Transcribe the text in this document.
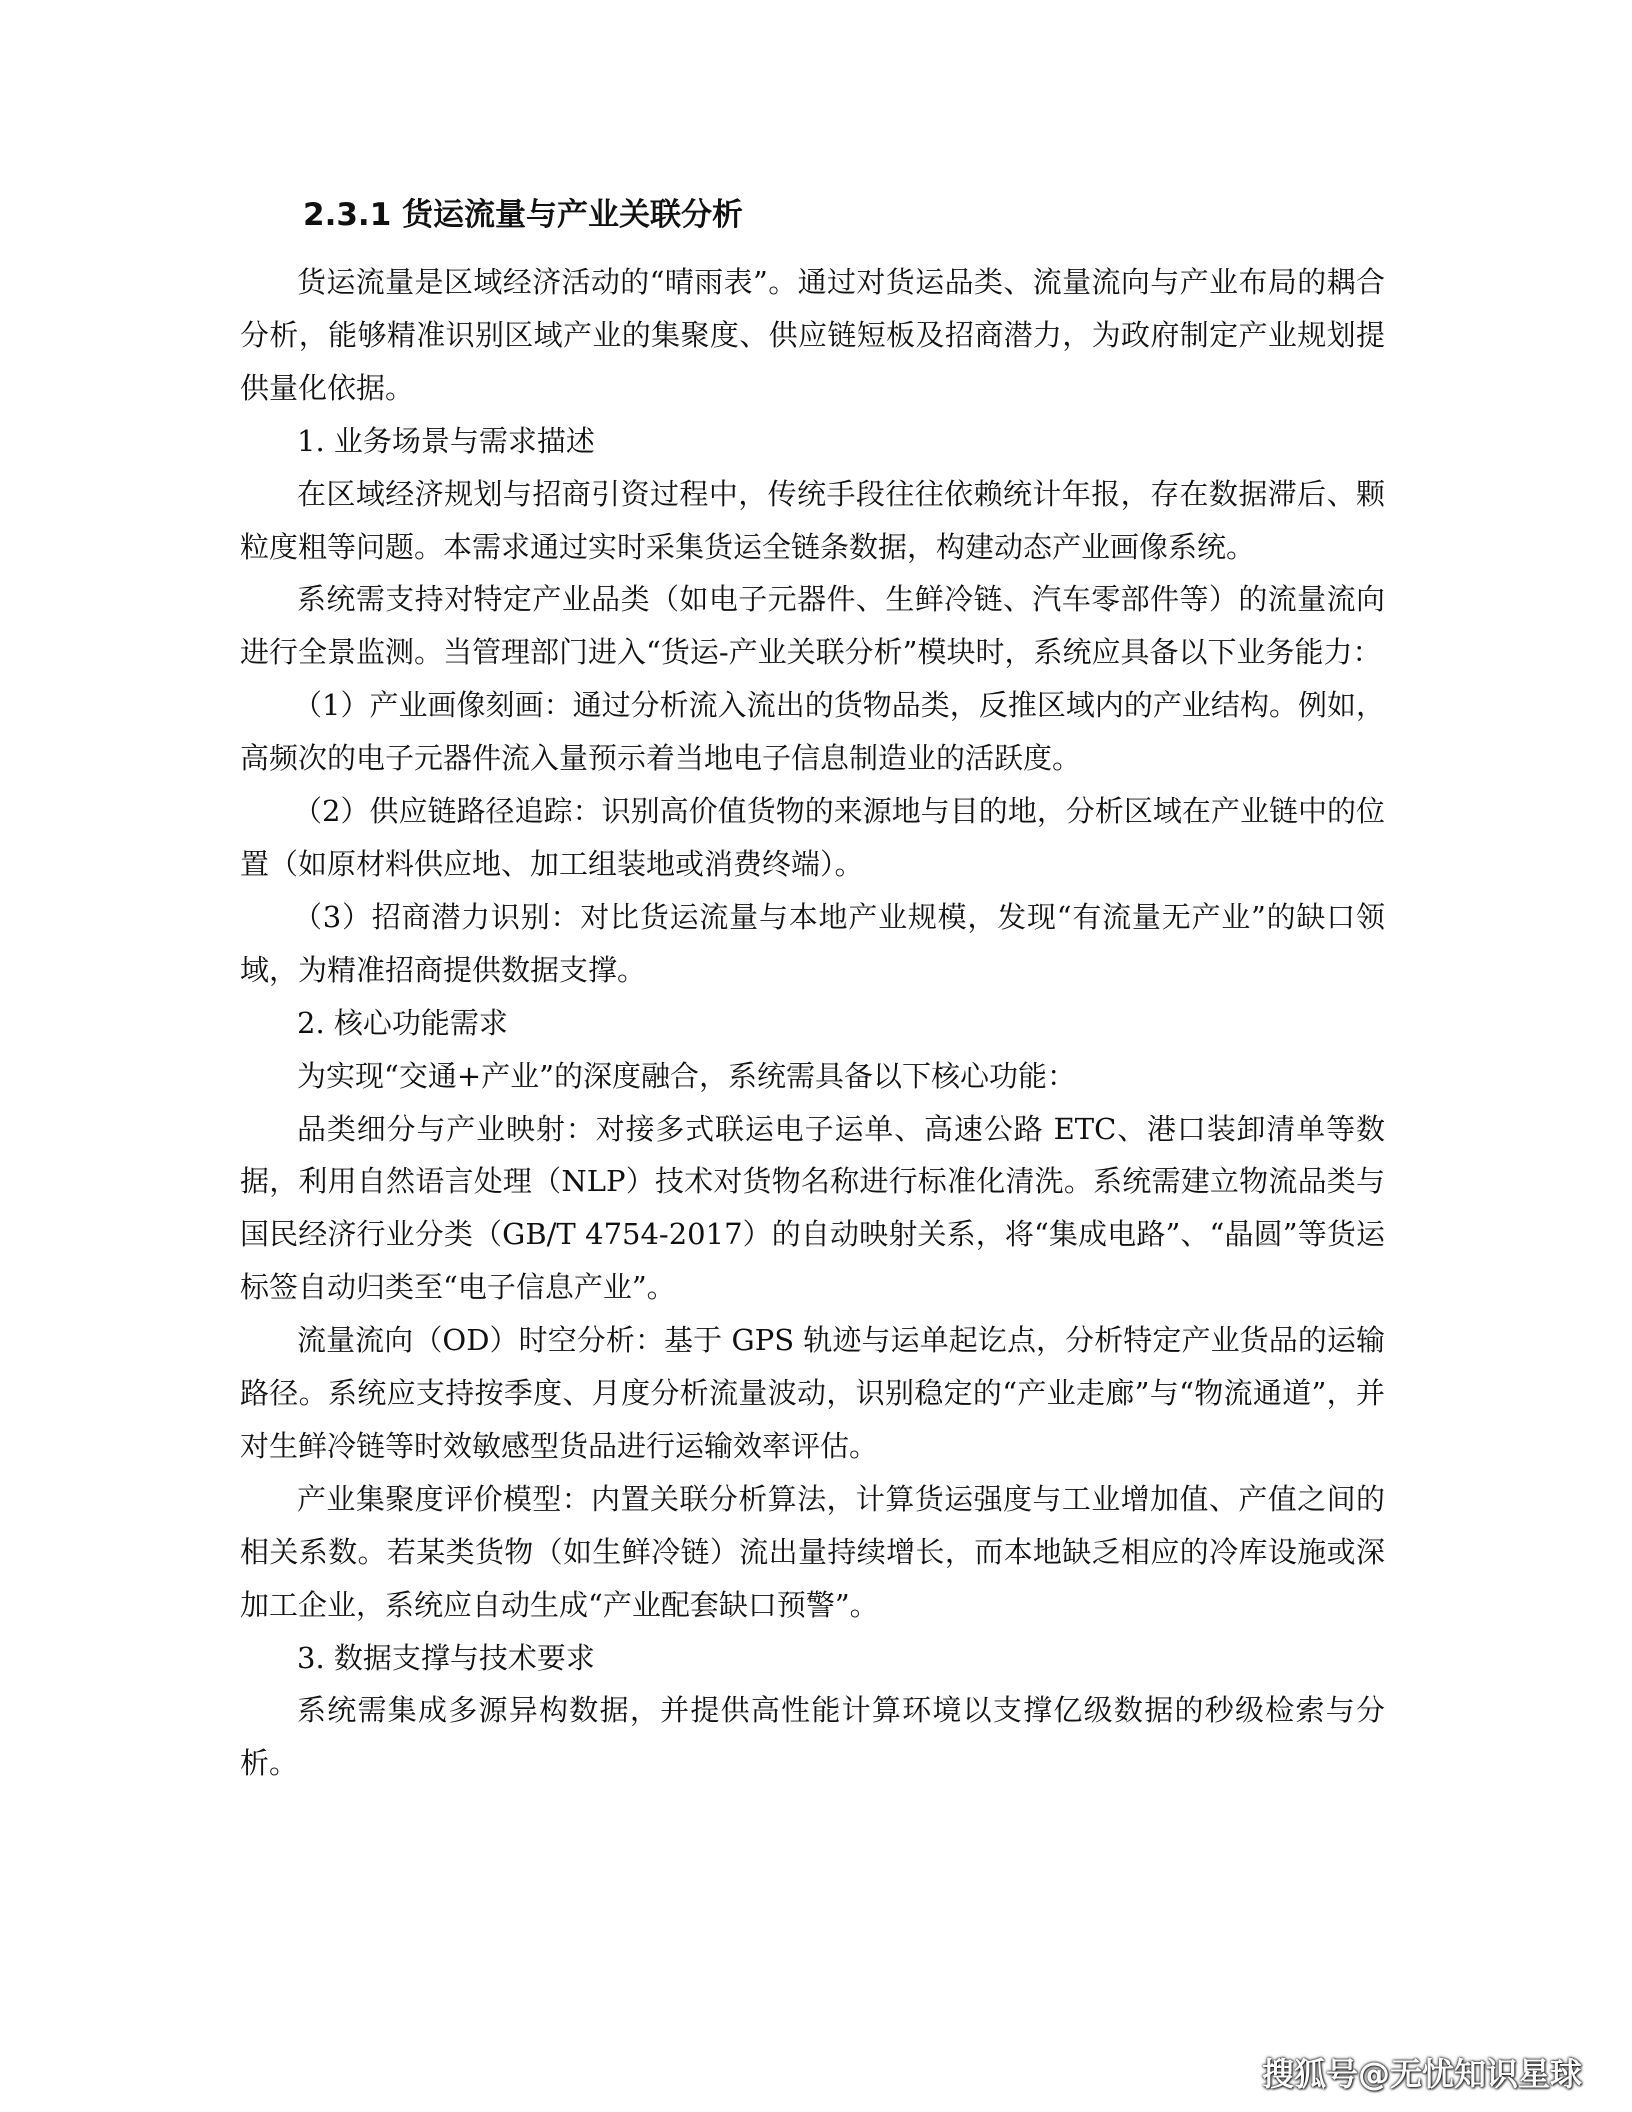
2.3.1 货运流量与产业关联分析

货运流量是区域经济活动的“晴雨表”。通过对货运品类、流量流向与产业布局的耦合分析，能够精准识别区域产业的集聚度、供应链短板及招商潜力，为政府制定产业规划提供量化依据。

1. 业务场景与需求描述

在区域经济规划与招商引资过程中，传统手段往往依赖统计年报，存在数据滞后、颗粒度粗等问题。本需求通过实时采集货运全链条数据，构建动态产业画像系统。

系统需支持对特定产业品类（如电子元器件、生鲜冷链、汽车零部件等）的流量流向进行全景监测。当管理部门进入“货运-产业关联分析”模块时，系统应具备以下业务能力：

（1）产业画像刻画：通过分析流入流出的货物品类，反推区域内的产业结构。例如，高频次的电子元器件流入量预示着当地电子信息制造业的活跃度。

（2）供应链路径追踪：识别高价值货物的来源地与目的地，分析区域在产业链中的位置（如原材料供应地、加工组装地或消费终端）。

（3）招商潜力识别：对比货运流量与本地产业规模，发现“有流量无产业”的缺口领域，为精准招商提供数据支撑。

2. 核心功能需求

为实现“交通+产业”的深度融合，系统需具备以下核心功能：

品类细分与产业映射：对接多式联运电子运单、高速公路 ETC、港口装卸清单等数据，利用自然语言处理（NLP）技术对货物名称进行标准化清洗。系统需建立物流品类与国民经济行业分类（GB/T 4754-2017）的自动映射关系，将“集成电路”、“晶圆”等货运标签自动归类至“电子信息产业”。

流量流向（OD）时空分析：基于 GPS 轨迹与运单起讫点，分析特定产业货品的运输路径。系统应支持按季度、月度分析流量波动，识别稳定的“产业走廊”与“物流通道”，并对生鲜冷链等时效敏感型货品进行运输效率评估。

产业集聚度评价模型：内置关联分析算法，计算货运强度与工业增加值、产值之间的相关系数。若某类货物（如生鲜冷链）流出量持续增长，而本地缺乏相应的冷库设施或深加工企业，系统应自动生成“产业配套缺口预警”。

3. 数据支撑与技术要求

系统需集成多源异构数据，并提供高性能计算环境以支撑亿级数据的秒级检索与分析。

搜狐号@无忧知识星球
